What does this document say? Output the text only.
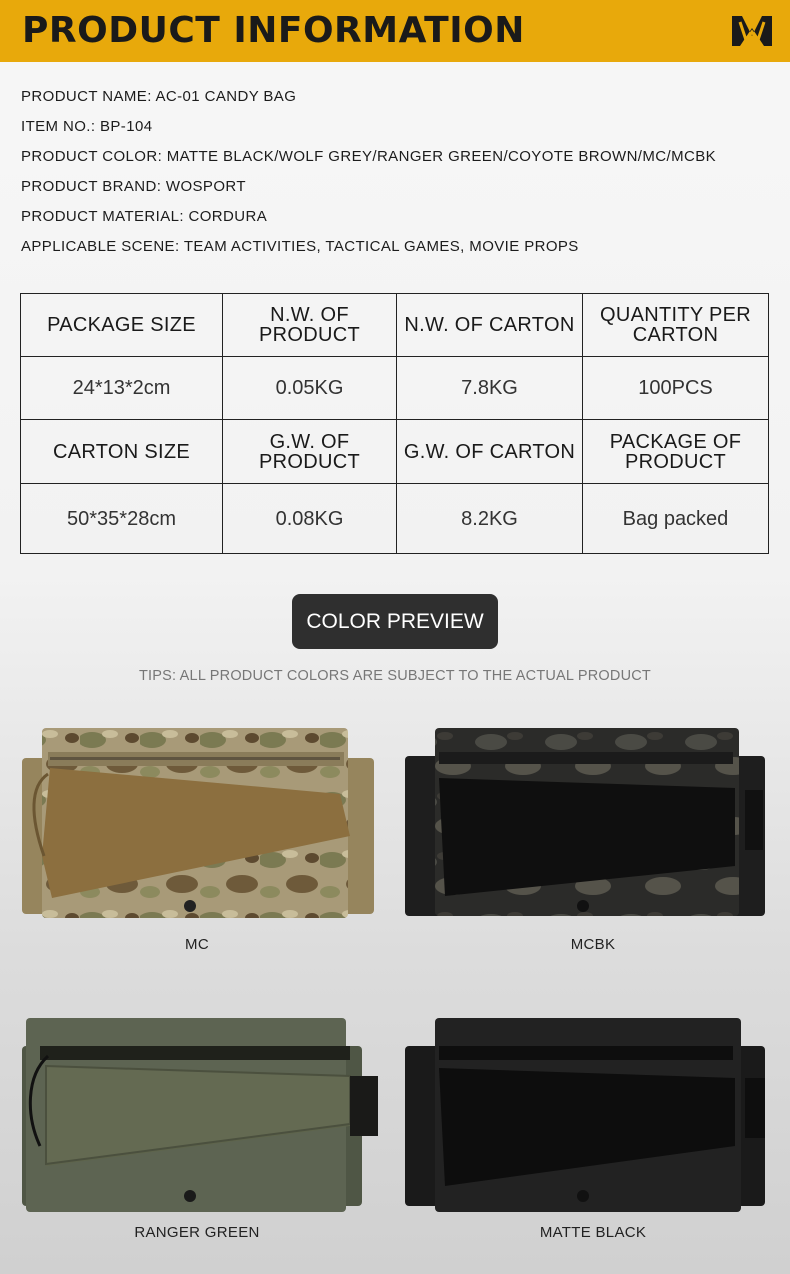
PRODUCT INFORMATION
PRODUCT NAME: AC-01 CANDY BAG
ITEM NO.: BP-104
PRODUCT COLOR: MATTE BLACK/WOLF GREY/RANGER GREEN/COYOTE BROWN/MC/MCBK
PRODUCT BRAND: WOSPORT
PRODUCT MATERIAL: CORDURA
APPLICABLE SCENE: TEAM ACTIVITIES, TACTICAL GAMES, MOVIE PROPS
PACKAGE SIZE	N.W. OF PRODUCT	N.W. OF CARTON	QUANTITY PER CARTON
24*13*2cm	0.05KG	7.8KG	100PCS
CARTON SIZE	G.W. OF PRODUCT	G.W. OF CARTON	PACKAGE OF PRODUCT
50*35*28cm	0.08KG	8.2KG	Bag packed
COLOR PREVIEW
TIPS: ALL PRODUCT COLORS ARE SUBJECT TO THE ACTUAL PRODUCT
MC	MCBK
RANGER GREEN	MATTE BLACK
